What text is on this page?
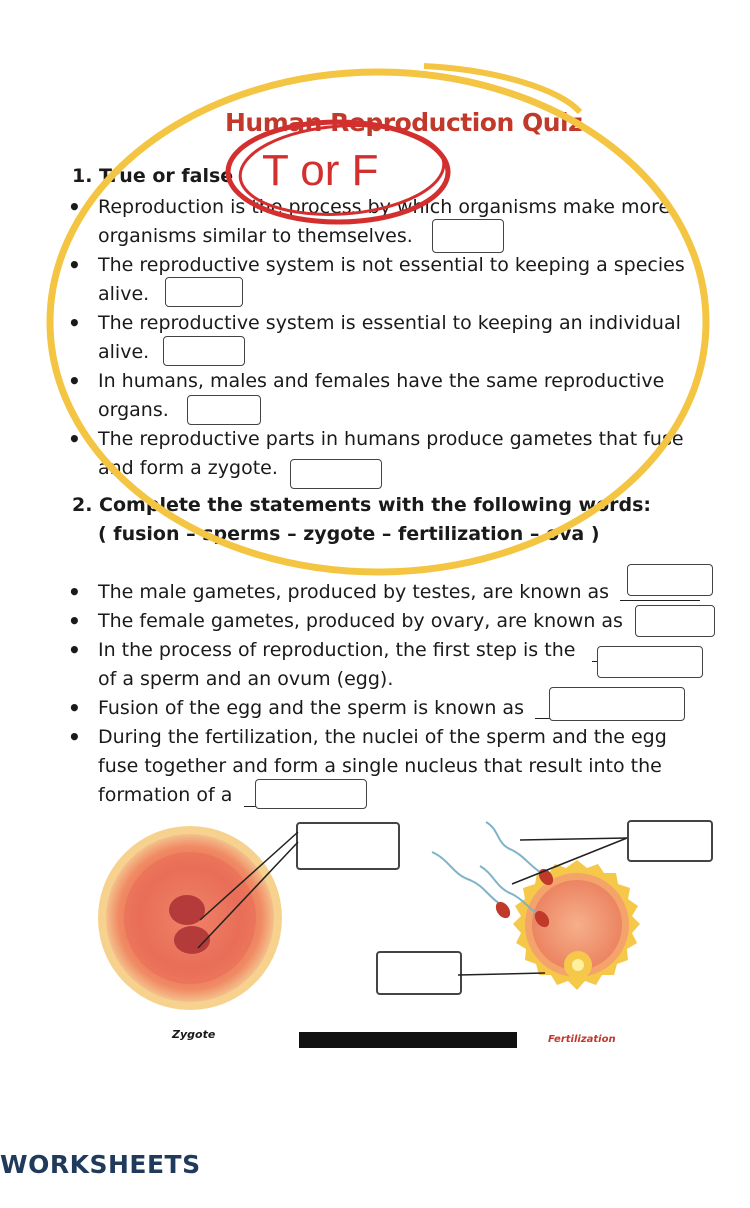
Human Reproduction Quiz
1. True or false
• Reproduction is the process by which organisms make more
organisms similar to themselves.
• The reproductive system is not essential to keeping a species
alive.
• The reproductive system is essential to keeping an individual
alive.
• In humans, males and females have the same reproductive
organs.
• The reproductive parts in humans produce gametes that fuse
and form a zygote.
2. Complete the statements with the following words:
( fusion – sperms – zygote – fertilization – ova )
• The male gametes, produced by testes, are known as
• The female gametes, produced by ovary, are known as
• In the process of reproduction, the first step is the
of a sperm and an ovum (egg).
• Fusion of the egg and the sperm is known as
• During the fertilization, the nuclei of the sperm and the egg
fuse together and form a single nucleus that result into the
formation of a
Zygote	Fertilization
T or F
WORKSHEETS
